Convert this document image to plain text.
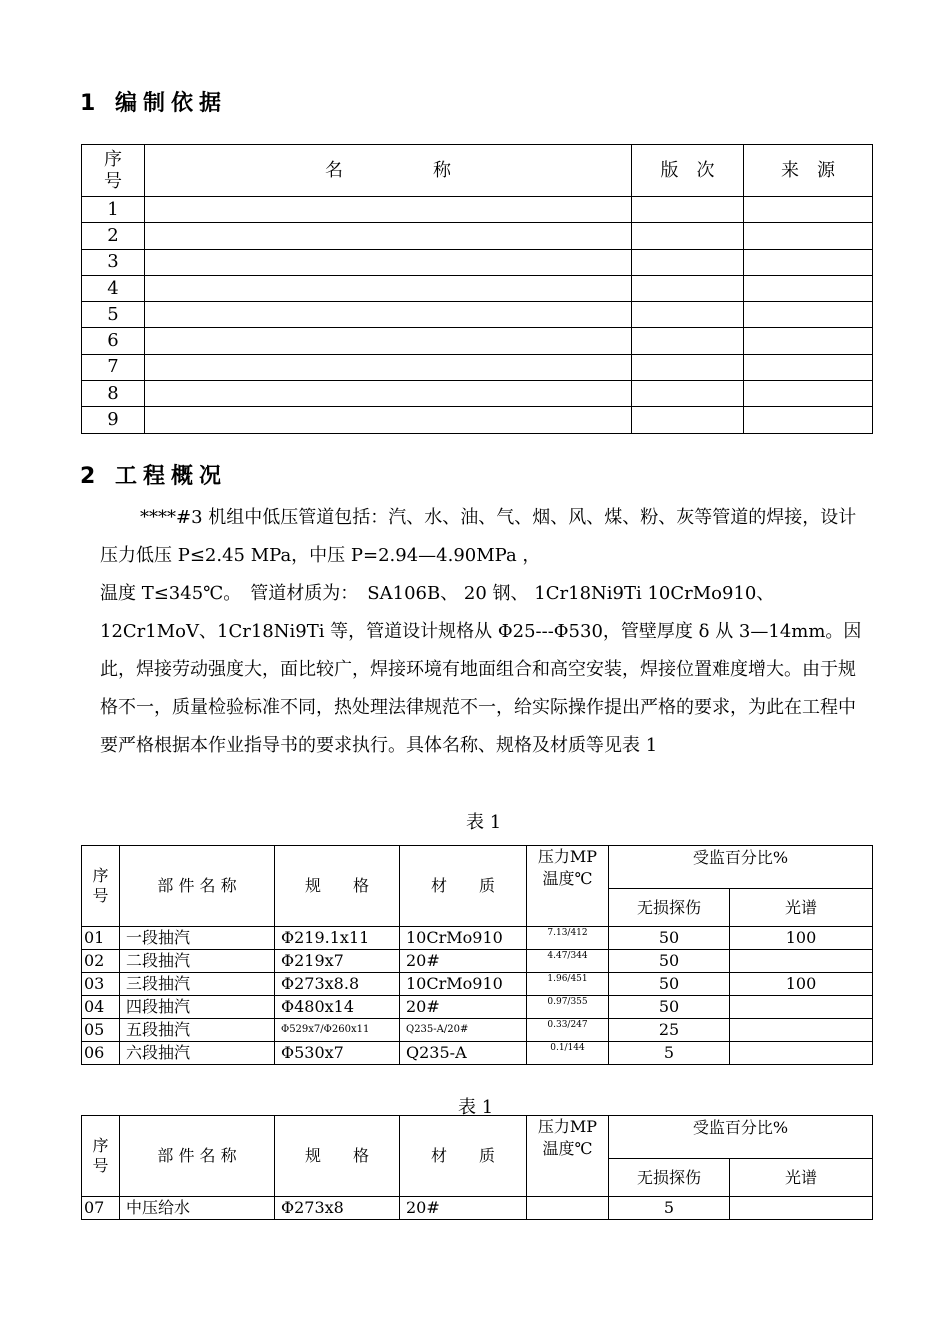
1 编制依据
序号	名　　　　　称	版　次	来　源
1			
2			
3			
4			
5			
6			
7			
8			
9			
2 工程概况

****#3 机组中低压管道包括：汽、水、油、气、烟、风、煤、粉、灰等管道的焊接，设计压力低压 P≤2.45 MPa，中压 P=2.94—4.90MPa ，

温度 T≤345℃。　管道材质为：　SA106B、 20 钢、 1Cr18Ni9Ti 10CrMo910、12Cr1MoV、1Cr18Ni9Ti 等，管道设计规格从 Φ25---Φ530，管壁厚度 δ 从 3—14mm。因此，焊接劳动强度大，面比较广，焊接环境有地面组合和高空安装，焊接位置难度增大。由于规格不一，质量检验标准不同，热处理法律规范不一，给实际操作提出严格的要求，为此在工程中要严格根据本作业指导书的要求执行。具体名称、规格及材质等见表 1

表 1
序号	部 件 名 称	规　　格	材　　质	压力MP温度℃	受监百分比%	
					无损探伤	光谱
01	一段抽汽	Φ219.1x11	10CrMo910	7.13/412	50	100
02	二段抽汽	Φ219x7	20#	4.47/344	50	
03	三段抽汽	Φ273x8.8	10CrMo910	1.96/451	50	100
04	四段抽汽	Φ480x14	20#	0.97/355	50	
05	五段抽汽	Φ529x7/Φ260x11	Q235-A/20#	0.33/247	25	
06	六段抽汽	Φ530x7	Q235-A	0.1/144	5	
表 1
序号	部 件 名 称	规　　格	材　　质	压力MP温度℃	受监百分比%	
					无损探伤	光谱
07	中压给水	Φ273x8	20#		5	
